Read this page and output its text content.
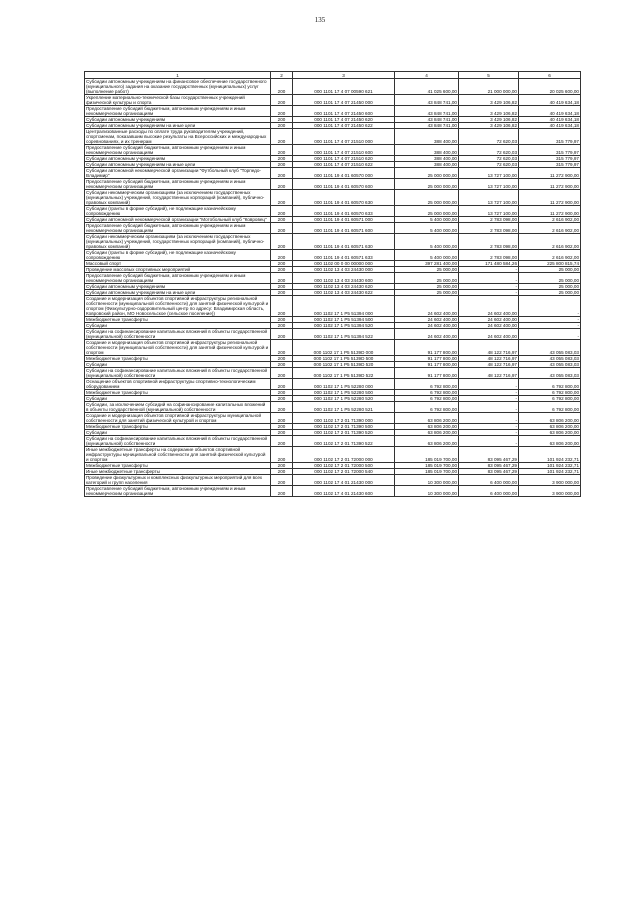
135
1	2	3	4	5	6
Субсидии автономным учреждениям на финансовое обеспечение государственного (муниципального) задания на оказание государственных (муниципальных) услуг (выполнение работ)	200	000 1101 17 4 07 00590 621	41 025 600,00	21 000 000,00	20 025 600,00
Укрепление материально-технической базы государственных учреждений физической культуры и спорта	200	000 1101 17 4 07 21450 000	43 848 741,00	3 429 106,82	40 419 634,18
Предоставление субсидий бюджетным, автономным учреждениям и иным некоммерческим организациям	200	000 1101 17 4 07 21450 600	43 848 741,00	3 429 106,82	40 419 634,18
Субсидии автономным учреждениям	200	000 1101 17 4 07 21450 620	43 848 741,00	3 429 106,82	40 419 634,18
Субсидии автономным учреждениям на иные цели	200	000 1101 17 4 07 21450 622	43 848 741,00	3 429 106,82	40 419 634,18
Централизованные расходы по оплате труда руководителям учреждений, спортсменам, показавшим высокие результаты на Всероссийских и международных соревнованиях, и их тренерам	200	000 1101 17 4 07 21510 000	388 400,00	72 620,03	315 779,97
Предоставление субсидий бюджетным, автономным учреждениям и иным некоммерческим организациям	200	000 1101 17 4 07 21510 600	388 400,00	72 620,03	315 779,97
Субсидии автономным учреждениям	200	000 1101 17 4 07 21510 620	388 400,00	72 620,03	315 779,97
Субсидии автономным учреждениям на иные цели	200	000 1101 17 4 07 21510 622	388 400,00	72 620,03	315 779,97
Субсидии автономной некоммерческой организации "Футбольный клуб "Торпедо-Владимир"	200	000 1101 19 4 01 60570 000	25 000 000,00	13 727 100,00	11 272 900,00
Предоставление субсидий бюджетным, автономным учреждениям и иным некоммерческим организациям	200	000 1101 19 4 01 60570 600	25 000 000,00	13 727 100,00	11 272 900,00
Субсидии некоммерческим организациям (за исключением государственных (муниципальных) учреждений, государственных корпораций (компаний), публично-правовых компаний)	200	000 1101 19 4 01 60570 630	25 000 000,00	13 727 100,00	11 272 900,00
Субсидии (гранты в форме субсидий), не подлежащие казначейскому сопровождению	200	000 1101 19 4 01 60570 633	25 000 000,00	13 727 100,00	11 272 900,00
Субсидии автономной некоммерческой организации "Мотобольный клуб "Ковровец"	200	000 1101 19 4 01 60571 000	5 400 000,00	2 783 098,00	2 616 902,00
Предоставление субсидий бюджетным, автономным учреждениям и иным некоммерческим организациям	200	000 1101 19 4 01 60571 600	5 400 000,00	2 783 098,00	2 616 902,00
Субсидии некоммерческим организациям (за исключением государственных (муниципальных) учреждений, государственных корпораций (компаний), публично-правовых компаний)	200	000 1101 19 4 01 60571 630	5 400 000,00	2 783 098,00	2 616 902,00
Субсидии (гранты в форме субсидий), не подлежащие казначейскому сопровождению	200	000 1101 19 4 01 60571 633	5 400 000,00	2 783 098,00	2 616 902,00
Массовый спорт	200	000 1102 00 0 00 00000 000	397 281 400,00	171 480 584,26	225 800 815,74
Проведение массовых спортивных мероприятий	200	000 1102 13 4 03 24430 000	25 000,00	-	25 000,00
Предоставление субсидий бюджетным, автономным учреждениям и иным некоммерческим организациям	200	000 1102 13 4 03 24430 600	25 000,00	-	25 000,00
Субсидии автономным учреждениям	200	000 1102 13 4 03 24430 620	25 000,00	-	25 000,00
Субсидии автономным учреждениям на иные цели	200	000 1102 13 4 03 24430 622	25 000,00	-	25 000,00
Создание и модернизация объектов спортивной инфраструктуры региональной собственности (муниципальной собственности) для занятий физической культурой и спортом (Физкультурно-оздоровительный центр по адресу: Владимирская область, Ковровский район, МО Новосельское (сельское поселение))	200	000 1102 17 1 P5 51394 000	24 602 400,00	24 602 400,00	-
Межбюджетные трансферты	200	000 1102 17 1 P5 51394 500	24 602 400,00	24 602 400,00	-
Субсидии	200	000 1102 17 1 P5 51394 520	24 602 400,00	24 602 400,00	-
Субсидии на софинансирование капитальных вложений в объекты государственной (муниципальной) собственности	200	000 1102 17 1 P5 51394 522	24 602 400,00	24 602 400,00	-
Создание и модернизация объектов спортивной инфраструктуры региональной собственности (муниципальной собственности) для занятий физической культурой и спортом	200	000 1102 17 1 P5 5139D 000	91 177 800,00	48 122 716,97	43 055 083,03
Межбюджетные трансферты	200	000 1102 17 1 P5 5139D 500	91 177 800,00	48 122 716,97	43 055 083,03
Субсидии	200	000 1102 17 1 P5 5139D 520	91 177 800,00	48 122 716,97	43 055 083,03
Субсидии на софинансирование капитальных вложений в объекты государственной (муниципальной) собственности	200	000 1102 17 1 P5 5139D 522	91 177 800,00	48 122 716,97	43 055 083,03
Оснащение объектов спортивной инфраструктуры спортивно-технологическим оборудованием	200	000 1102 17 1 P5 52280 000	6 792 800,00	-	6 792 800,00
Межбюджетные трансферты	200	000 1102 17 1 P5 52280 500	6 792 800,00	-	6 792 800,00
Субсидии	200	000 1102 17 1 P5 52280 520	6 792 800,00	-	6 792 800,00
Субсидии, за исключением субсидий на софинансирование капитальных вложений в объекты государственной (муниципальной) собственности	200	000 1102 17 1 P5 52280 521	6 792 800,00	-	6 792 800,00
Создание и модернизация объектов спортивной инфраструктуры муниципальной собственности для занятий физической культурой и спортом	200	000 1102 17 2 01 71390 000	63 806 200,00	-	63 806 200,00
Межбюджетные трансферты	200	000 1102 17 2 01 71390 500	63 806 200,00	-	63 806 200,00
Субсидии	200	000 1102 17 2 01 71390 520	63 806 200,00	-	63 806 200,00
Субсидии на софинансирование капитальных вложений в объекты государственной (муниципальной) собственности	200	000 1102 17 2 01 71390 522	63 806 200,00	-	63 806 200,00
Иные межбюджетные трансферты на содержание объектов спортивной инфраструктуры муниципальной собственности для занятий физической культурой и спортом	200	000 1102 17 2 01 72000 000	185 019 700,00	83 095 467,29	101 924 232,71
Межбюджетные трансферты	200	000 1102 17 2 01 72000 500	185 019 700,00	83 095 467,29	101 924 232,71
Иные межбюджетные трансферты	200	000 1102 17 2 01 72000 540	185 019 700,00	83 095 467,29	101 924 232,71
Проведение физкультурных и комплексных физкультурных мероприятий для всех категорий и групп населения	200	000 1102 17 4 01 21430 000	10 300 000,00	6 400 000,00	3 900 000,00
Предоставление субсидий бюджетным, автономным учреждениям и иным некоммерческим организациям	200	000 1102 17 4 01 21430 600	10 300 000,00	6 400 000,00	3 900 000,00
